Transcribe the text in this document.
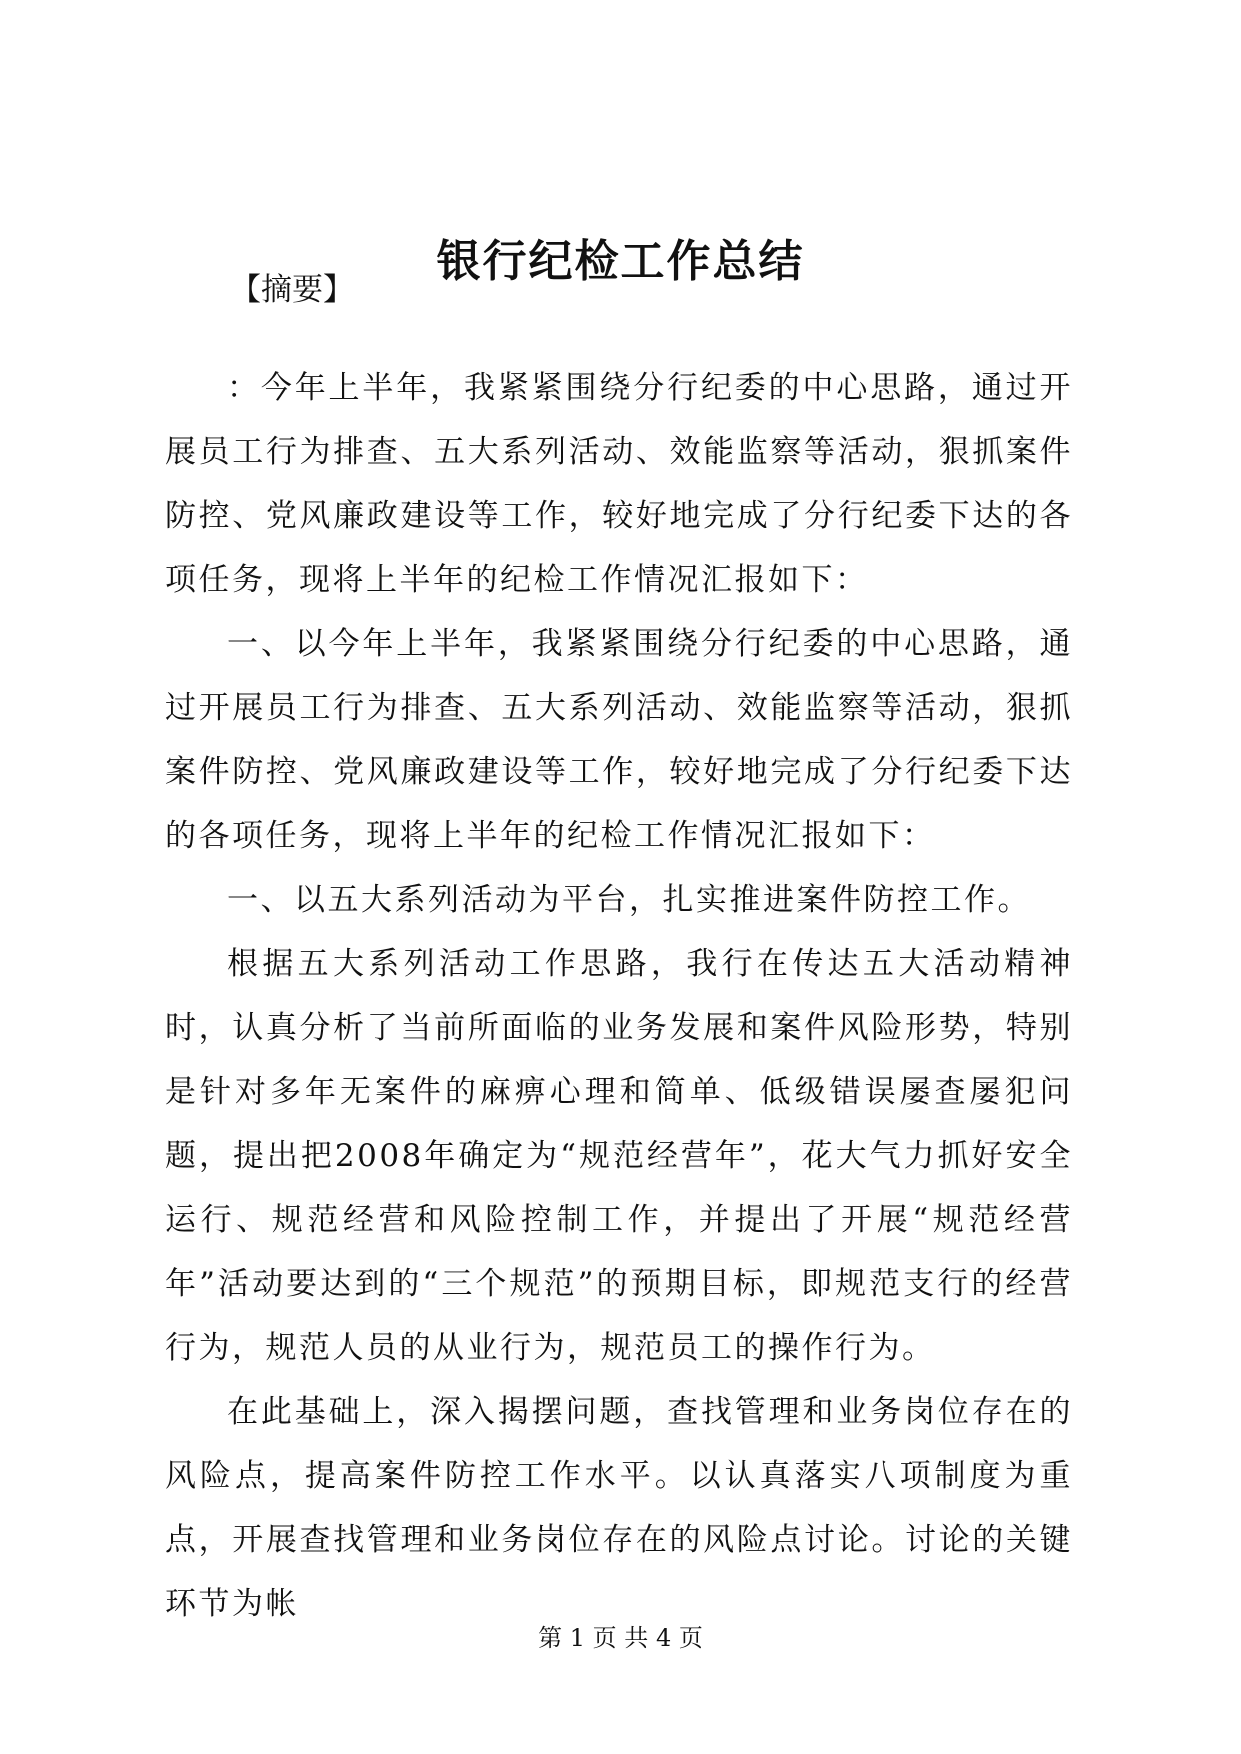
银行纪检工作总结
【摘要】

：今年上半年，我紧紧围绕分行纪委的中心思路，通过开展员工行为排查、五大系列活动、效能监察等活动，狠抓案件防控、党风廉政建设等工作，较好地完成了分行纪委下达的各项任务，现将上半年的纪检工作情况汇报如下：

一、以今年上半年，我紧紧围绕分行纪委的中心思路，通过开展员工行为排查、五大系列活动、效能监察等活动，狠抓案件防控、党风廉政建设等工作，较好地完成了分行纪委下达的各项任务，现将上半年的纪检工作情况汇报如下：

一、以五大系列活动为平台，扎实推进案件防控工作。

根据五大系列活动工作思路，我行在传达五大活动精神时，认真分析了当前所面临的业务发展和案件风险形势，特别是针对多年无案件的麻痹心理和简单、低级错误屡查屡犯问题，提出把2008年确定为“规范经营年”，花大气力抓好安全运行、规范经营和风险控制工作，并提出了开展“规范经营年”活动要达到的“三个规范”的预期目标，即规范支行的经营行为，规范人员的从业行为，规范员工的操作行为。

在此基础上，深入揭摆问题，查找管理和业务岗位存在的风险点，提高案件防控工作水平。以认真落实八项制度为重点，开展查找管理和业务岗位存在的风险点讨论。讨论的关键环节为帐

第 1 页 共 4 页
